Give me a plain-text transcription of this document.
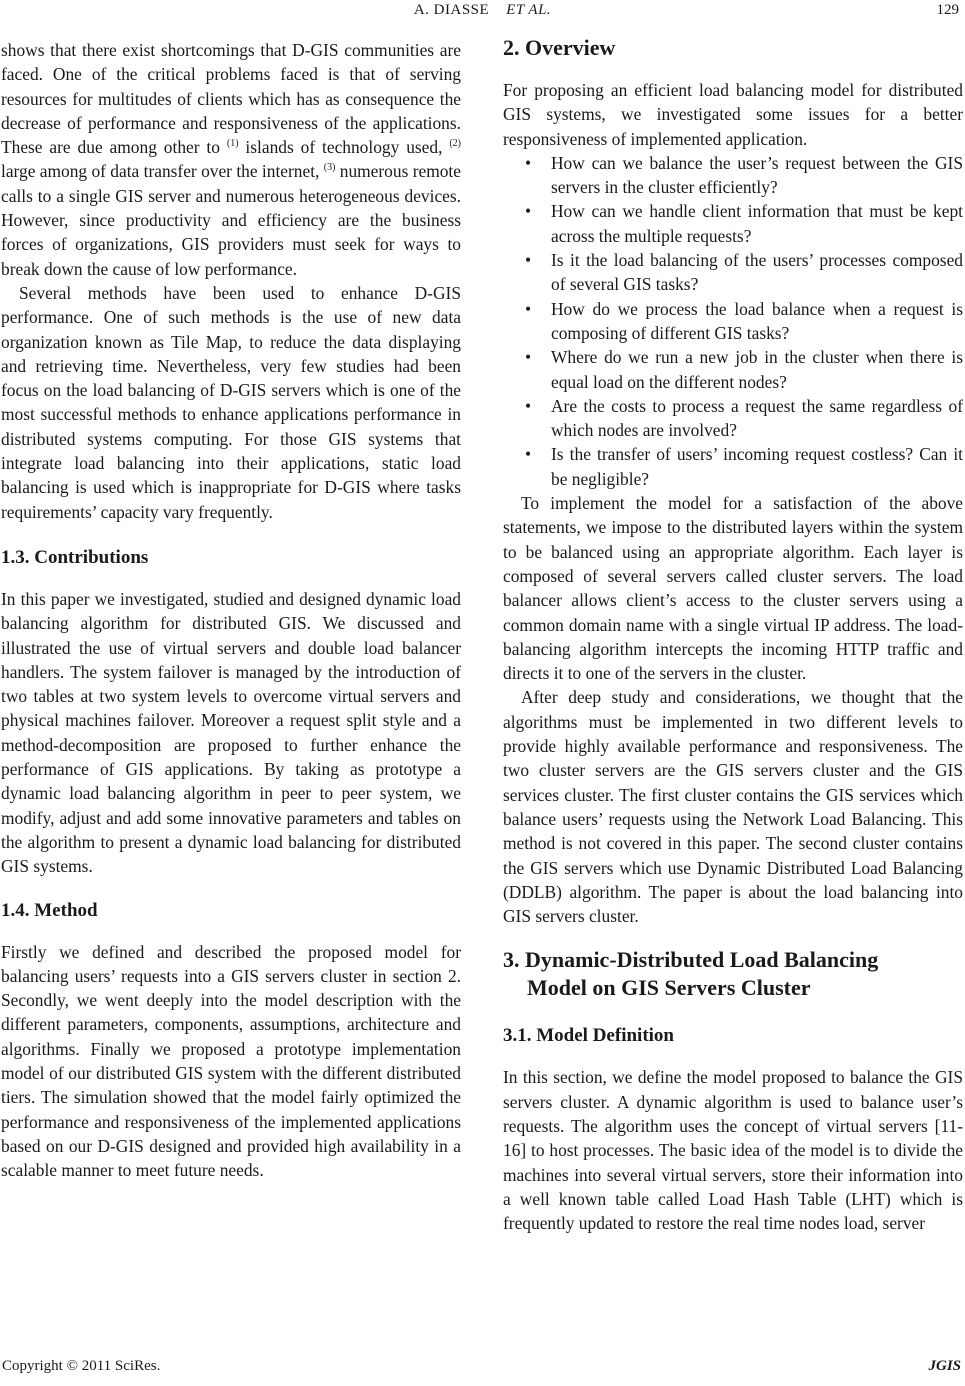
A. DIASSE ET AL.	129

shows that there exist shortcomings that D-GIS communities are faced. One of the critical problems faced is that of serving resources for multitudes of clients which has as consequence the decrease of performance and responsiveness of the applications. These are due among other to $^{(1)}$ islands of technology used, $^{(2)}$ large among of data transfer over the internet, $^{(3)}$ numerous remote calls to a single GIS server and numerous heterogeneous devices. However, since productivity and efficiency are the business forces of organizations, GIS providers must seek for ways to break down the cause of low performance.

Several methods have been used to enhance D-GIS performance. One of such methods is the use of new data organization known as Tile Map, to reduce the data displaying and retrieving time. Nevertheless, very few studies had been focus on the load balancing of D-GIS servers which is one of the most successful methods to enhance applications performance in distributed systems computing. For those GIS systems that integrate load balancing into their applications, static load balancing is used which is inappropriate for D-GIS where tasks requirements’ capacity vary frequently.

1.3. Contributions

In this paper we investigated, studied and designed dynamic load balancing algorithm for distributed GIS. We discussed and illustrated the use of virtual servers and double load balancer handlers. The system failover is managed by the introduction of two tables at two system levels to overcome virtual servers and physical machines failover. Moreover a request split style and a method-decomposition are proposed to further enhance the performance of GIS applications. By taking as prototype a dynamic load balancing algorithm in peer to peer system, we modify, adjust and add some innovative parameters and tables on the algorithm to present a dynamic load balancing for distributed GIS systems.

1.4. Method

Firstly we defined and described the proposed model for balancing users’ requests into a GIS servers cluster in section 2. Secondly, we went deeply into the model description with the different parameters, components, assumptions, architecture and algorithms. Finally we proposed a prototype implementation model of our distributed GIS system with the different distributed tiers. The simulation showed that the model fairly optimized the performance and responsiveness of the implemented applications based on our D-GIS designed and provided high availability in a scalable manner to meet future needs.

2. Overview

For proposing an efficient load balancing model for distributed GIS systems, we investigated some issues for a better responsiveness of implemented application.

• How can we balance the user’s request between the GIS servers in the cluster efficiently?
• How can we handle client information that must be kept across the multiple requests?
• Is it the load balancing of the users’ processes composed of several GIS tasks?
• How do we process the load balance when a request is composing of different GIS tasks?
• Where do we run a new job in the cluster when there is equal load on the different nodes?
• Are the costs to process a request the same regardless of which nodes are involved?
• Is the transfer of users’ incoming request costless? Can it be negligible?

To implement the model for a satisfaction of the above statements, we impose to the distributed layers within the system to be balanced using an appropriate algorithm. Each layer is composed of several servers called cluster servers. The load balancer allows client’s access to the cluster servers using a common domain name with a single virtual IP address. The load-balancing algorithm intercepts the incoming HTTP traffic and directs it to one of the servers in the cluster.

After deep study and considerations, we thought that the algorithms must be implemented in two different levels to provide highly available performance and responsiveness. The two cluster servers are the GIS servers cluster and the GIS services cluster. The first cluster contains the GIS services which balance users’ requests using the Network Load Balancing. This method is not covered in this paper. The second cluster contains the GIS servers which use Dynamic Distributed Load Balancing (DDLB) algorithm. The paper is about the load balancing into GIS servers cluster.

3. Dynamic-Distributed Load Balancing
Model on GIS Servers Cluster
3.1. Model Definition

In this section, we define the model proposed to balance the GIS servers cluster. A dynamic algorithm is used to balance user’s requests. The algorithm uses the concept of virtual servers [11-16] to host processes. The basic idea of the model is to divide the machines into several virtual servers, store their information into a well known table called Load Hash Table (LHT) which is frequently updated to restore the real time nodes load, server

Copyright © 2011 SciRes.	JGIS
